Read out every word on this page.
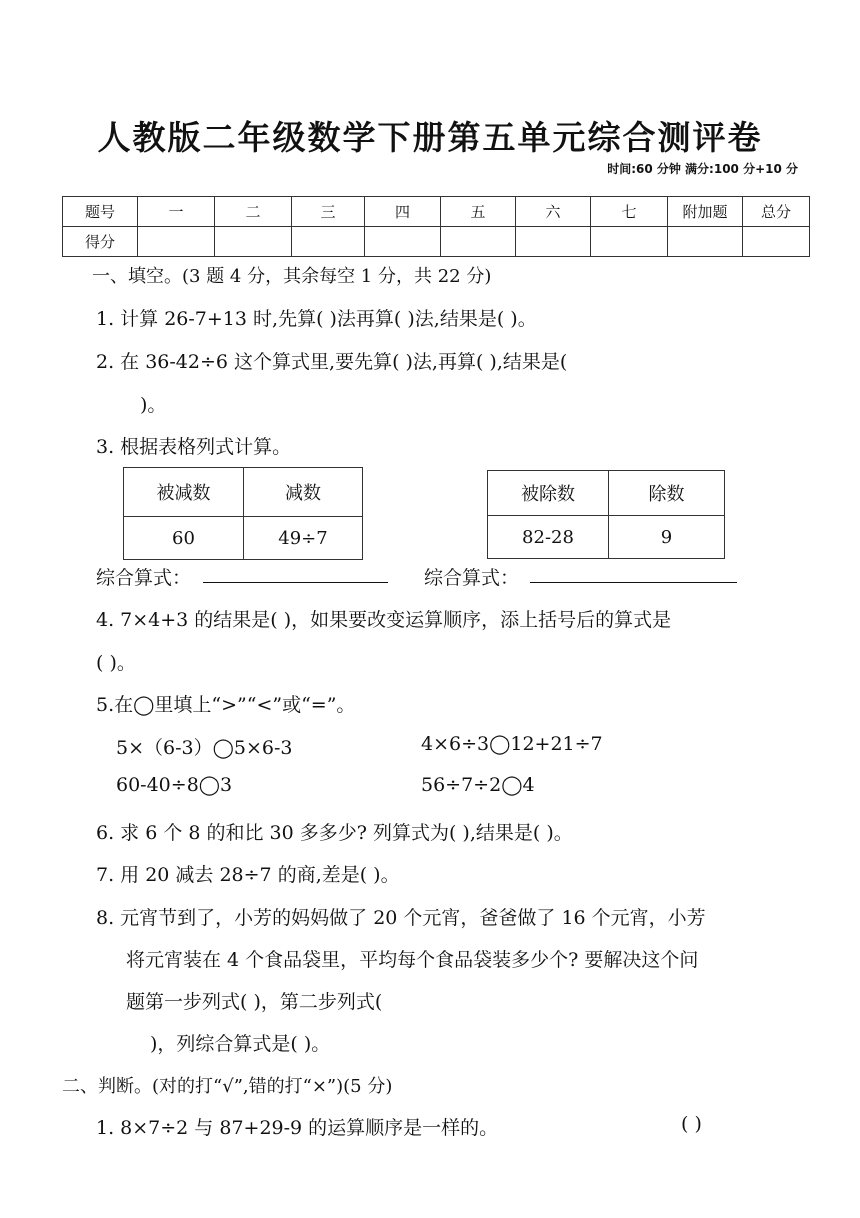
人教版二年级数学下册第五单元综合测评卷
时间:60 分钟 满分:100 分+10 分
题号	一	二	三	四	五	六	七	附加题	总分
得分									
一、填空。(3 题 4 分，其余每空 1 分，共 22 分)
1. 计算 26-7+13 时,先算( )法再算( )法,结果是( )。
2. 在 36-42÷6 这个算式里,要先算( )法,再算( ),结果是(
)。
3. 根据表格列式计算。
被减数	减数
60	49÷7
被除数	除数
82-28	9
综合算式：	综合算式：
4. 7×4+3 的结果是( )，如果要改变运算顺序，添上括号后的算式是
( )。
5.在◯里填上“>”“<”或“=”。
5×（6-3）◯5×6-3	4×6÷3◯12+21÷7
60-40÷8◯3	56÷7÷2◯4
6. 求 6 个 8 的和比 30 多多少? 列算式为( ),结果是( )。
7. 用 20 减去 28÷7 的商,差是( )。
8. 元宵节到了，小芳的妈妈做了 20 个元宵，爸爸做了 16 个元宵，小芳
将元宵装在 4 个食品袋里，平均每个食品袋装多少个? 要解决这个问
题第一步列式( )，第二步列式(
)，列综合算式是( )。
二、判断。(对的打“√”,错的打“×”)(5 分)
1. 8×7÷2 与 87+29-9 的运算顺序是一样的。	( )
